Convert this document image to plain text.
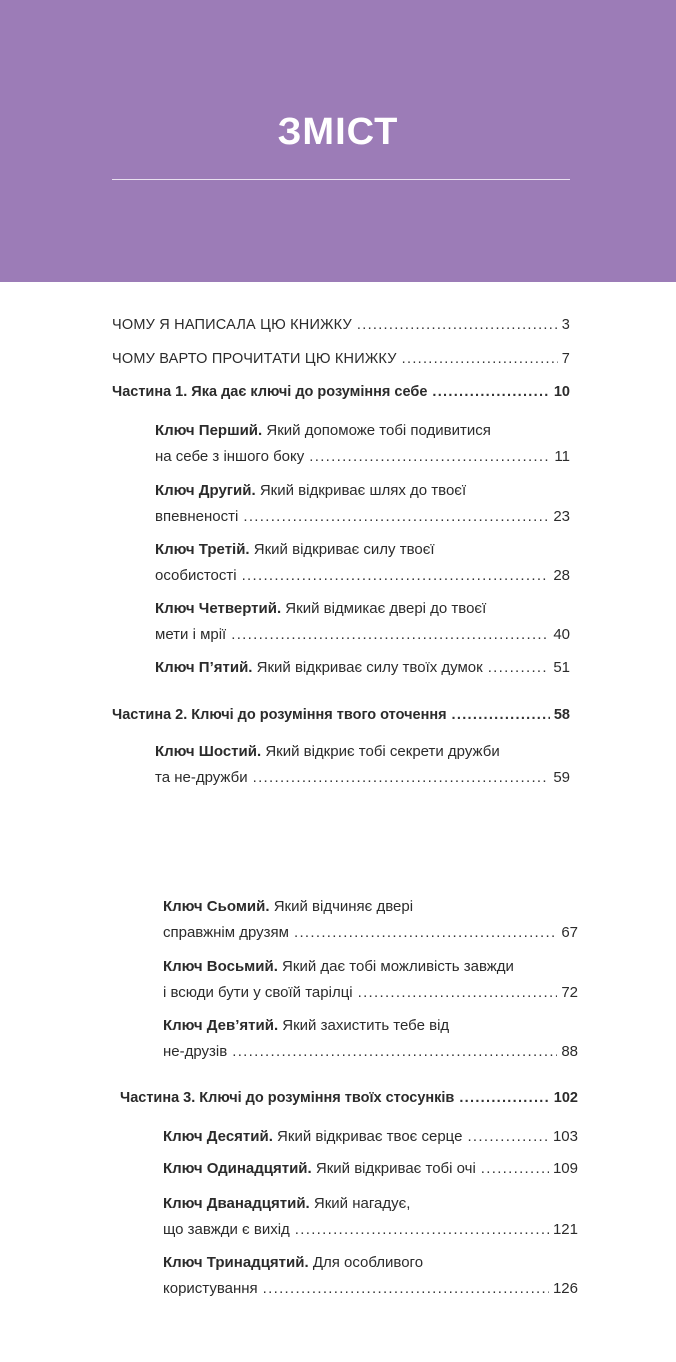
ЗМІСТ
ЧОМУ Я НАПИСАЛА ЦЮ КНИЖКУ .....	3
ЧОМУ ВАРТО ПРОЧИТАТИ ЦЮ КНИЖКУ .....	7
Частина 1. Яка дає ключі до розуміння себе .....	10
Ключ Перший. Який допоможе тобі подивитися
на себе з іншого боку .....	11
Ключ Другий. Який відкриває шлях до твоєї
впевненості .....	23
Ключ Третій. Який відкриває силу твоєї
особистості .....	28
Ключ Четвертий. Який відмикає двері до твоєї
мети і мрії .....	40
Ключ П’ятий. Який відкриває силу твоїх думок .....	51
Частина 2. Ключі до розуміння твого оточення .....	58
Ключ Шостий. Який відкриє тобі секрети дружби
та не-дружби .....	59
Ключ Сьомий. Який відчиняє двері
справжнім друзям .....	67
Ключ Восьмий. Який дає тобі можливість завжди
і всюди бути у своїй тарілці .....	72
Ключ Дев’ятий. Який захистить тебе від
не-друзів .....	88
Частина 3. Ключі до розуміння твоїх стосунків .....	102
Ключ Десятий. Який відкриває твоє серце .....	103
Ключ Одинадцятий. Який відкриває тобі очі .....	109
Ключ Дванадцятий. Який нагадує,
що завжди є вихід .....	121
Ключ Тринадцятий. Для особливого
користування .....	126
